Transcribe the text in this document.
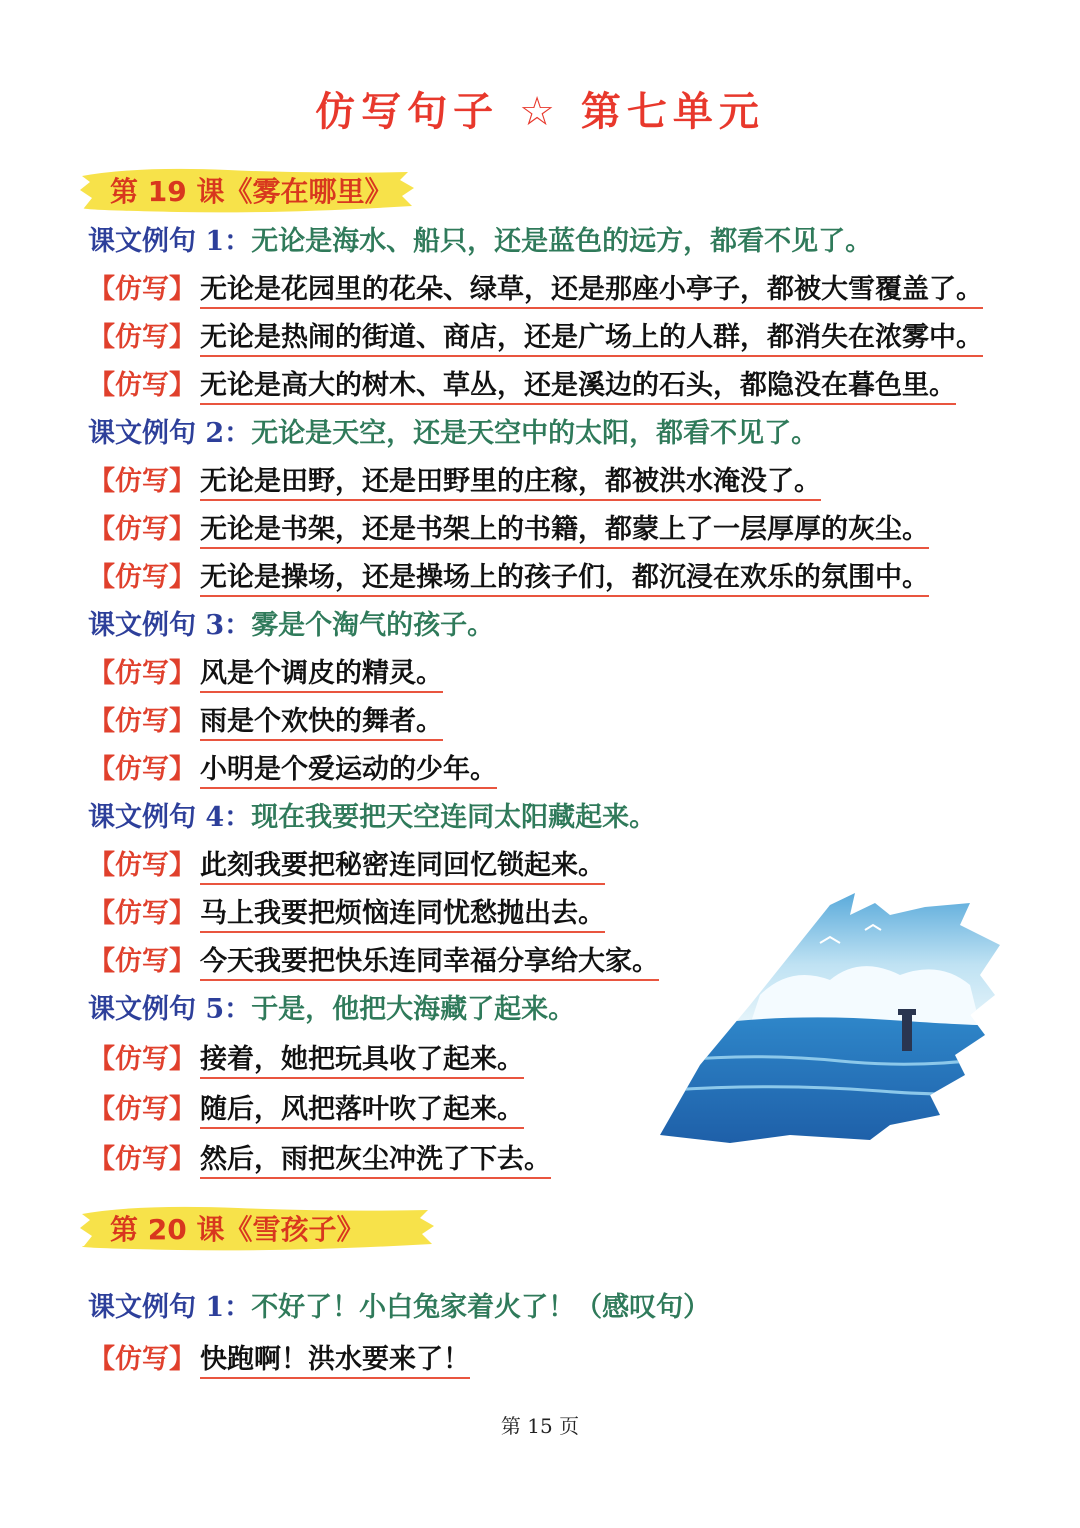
仿写句子 ☆ 第七单元
第 19 课《雾在哪里》
第 20 课《雪孩子》
课文例句 1：无论是海水、船只，还是蓝色的远方，都看不见了。
【仿写】 无论是花园里的花朵、绿草，还是那座小亭子，都被大雪覆盖了。
【仿写】 无论是热闹的街道、商店，还是广场上的人群，都消失在浓雾中。
【仿写】 无论是高大的树木、草丛，还是溪边的石头，都隐没在暮色里。
课文例句 2：无论是天空，还是天空中的太阳，都看不见了。
【仿写】 无论是田野，还是田野里的庄稼，都被洪水淹没了。
【仿写】 无论是书架，还是书架上的书籍，都蒙上了一层厚厚的灰尘。
【仿写】 无论是操场，还是操场上的孩子们，都沉浸在欢乐的氛围中。
课文例句 3：雾是个淘气的孩子。
【仿写】 风是个调皮的精灵。
【仿写】 雨是个欢快的舞者。
【仿写】 小明是个爱运动的少年。
课文例句 4：现在我要把天空连同太阳藏起来。
【仿写】 此刻我要把秘密连同回忆锁起来。
【仿写】 马上我要把烦恼连同忧愁抛出去。
【仿写】 今天我要把快乐连同幸福分享给大家。
课文例句 5：于是，他把大海藏了起来。
【仿写】 接着，她把玩具收了起来。
【仿写】 随后，风把落叶吹了起来。
【仿写】 然后，雨把灰尘冲洗了下去。
课文例句 1：不好了！小白兔家着火了！（感叹句）
【仿写】 快跑啊！洪水要来了！
第 15 页
